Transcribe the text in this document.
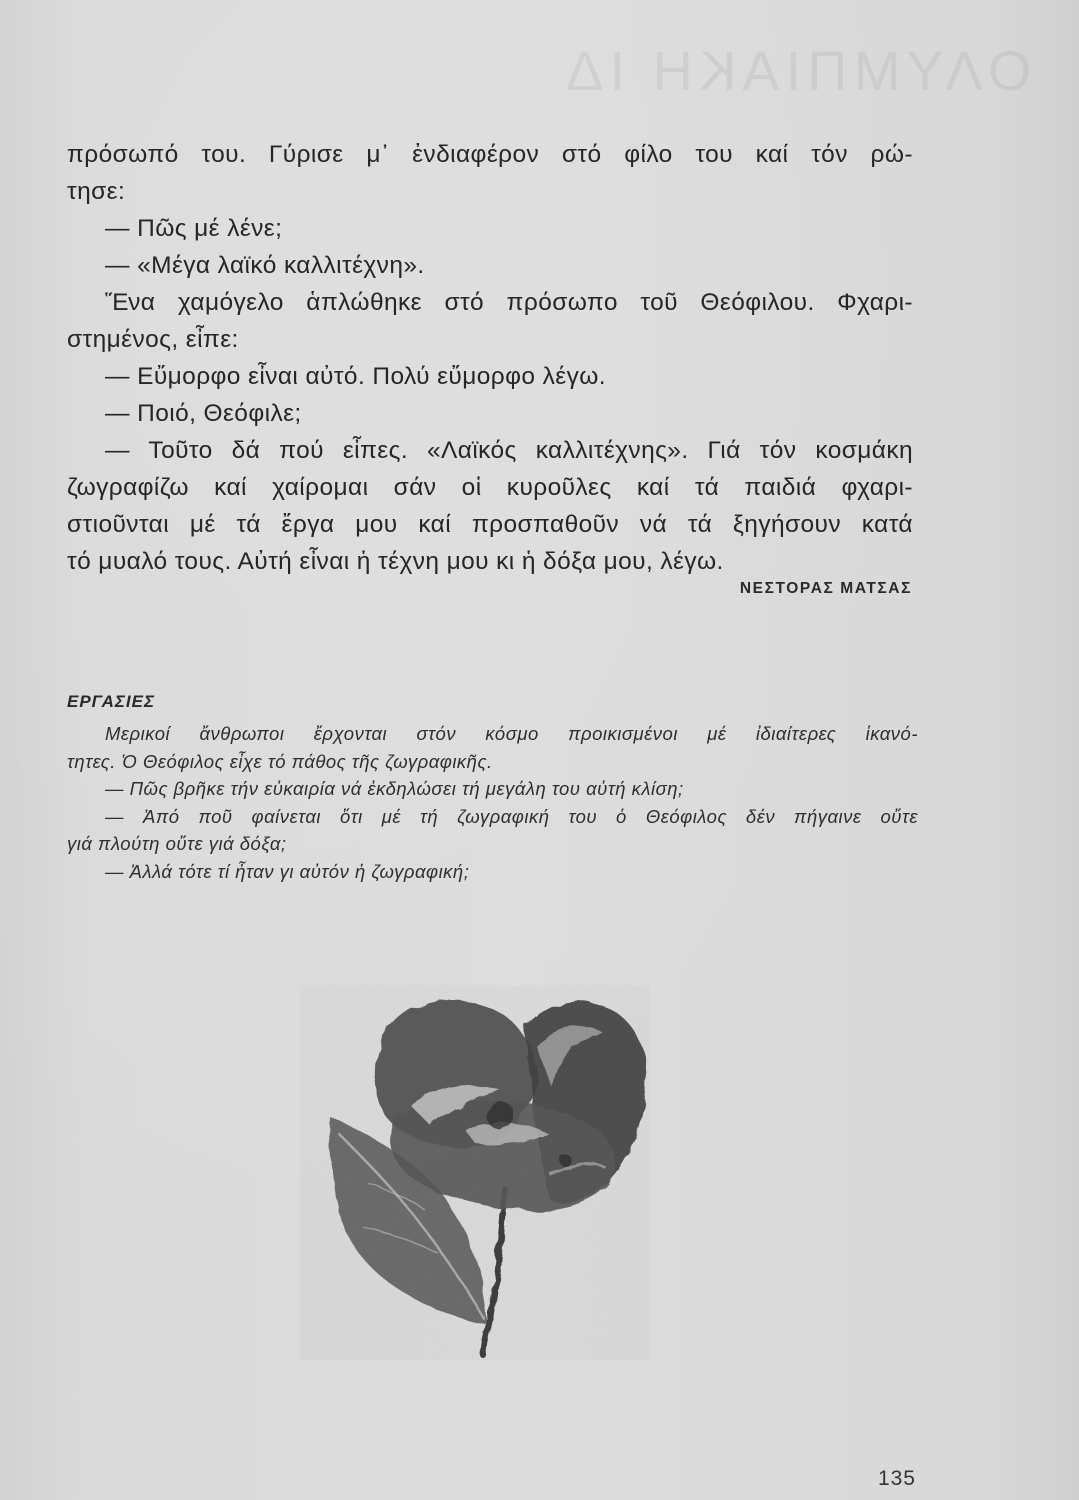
ΟΛΥΜΠΙΑΚΗ ΙΔ

πρόσωπό του. Γύρισε μ᾿ ἐνδιαφέρον στό φίλο του καί τόν ρώ-

τησε:

— Πῶς μέ λένε;

— «Μέγα λαϊκό καλλιτέχνη».

Ἕνα χαμόγελο ἁπλώθηκε στό πρόσωπο τοῦ Θεόφιλου. Φχαρι-

στημένος, εἶπε:

— Εὔμορφο εἶναι αὐτό. Πολύ εὔμορφο λέγω.

— Ποιό, Θεόφιλε;

— Τοῦτο δά πού εἶπες. «Λαϊκός καλλιτέχνης». Γιά τόν κοσμάκη

ζωγραφίζω καί χαίρομαι σάν οἱ κυροῦλες καί τά παιδιά φχαρι-

στιοῦνται μέ τά ἔργα μου καί προσπαθοῦν νά τά ξηγήσουν κατά

τό μυαλό τους. Αὐτή εἶναι ἡ τέχνη μου κι ἡ δόξα μου, λέγω.

ΝΕΣΤΟΡΑΣ ΜΑΤΣΑΣ
ΕΡΓΑΣΙΕΣ

Μερικοί ἄνθρωποι ἔρχονται στόν κόσμο προικισμένοι μέ ἰδιαίτερες ἱκανό-

τητες. Ὁ Θεόφιλος εἶχε τό πάθος τῆς ζωγραφικῆς.

— Πῶς βρῆκε τήν εὐκαιρία νά ἐκδηλώσει τή μεγάλη του αὐτή κλίση;

— Ἀπό ποῦ φαίνεται ὅτι μέ τή ζωγραφική του ὁ Θεόφιλος δέν πήγαινε οὔτε

γιά πλούτη οὔτε γιά δόξα;

— Ἀλλά τότε τί ἦταν γι αὐτόν ἡ ζωγραφική;

135
